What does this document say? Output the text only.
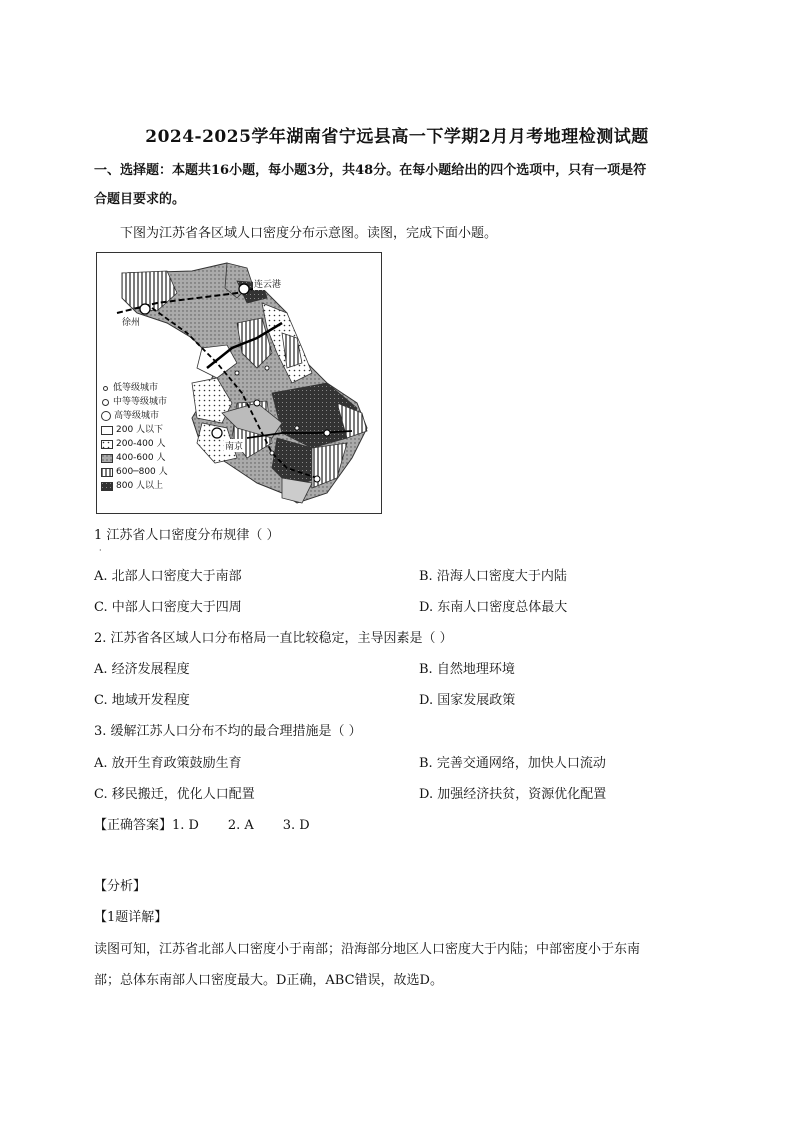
2024-2025学年湖南省宁远县高一下学期2月月考地理检测试题
一、选择题：本题共16小题，每小题3分，共48分。在每小题给出的四个选项中，只有一项是符
合题目要求的。
下图为江苏省各区域人口密度分布示意图。读图，完成下面小题。
连云港
徐州
南京
低等级城市
中等等级城市
高等级城市
200 人以下
200-400 人
400-600 人
600─800 人
800 人以上
1 江苏省人口密度分布规律（ ）
·
A. 北部人口密度大于南部	B. 沿海人口密度大于内陆
C. 中部人口密度大于四周	D. 东南人口密度总体最大
2. 江苏省各区域人口分布格局一直比较稳定，主导因素是（ ）
A. 经济发展程度	B. 自然地理环境
C. 地域开发程度	D. 国家发展政策
3. 缓解江苏人口分布不均的最合理措施是（ ）
A. 放开生育政策鼓励生育	B. 完善交通网络，加快人口流动
C. 移民搬迁，优化人口配置	D. 加强经济扶贫，资源优化配置
【正确答案】1. D       2. A       3. D
【分析】
【1题详解】
读图可知，江苏省北部人口密度小于南部；沿海部分地区人口密度大于内陆；中部密度小于东南
部；总体东南部人口密度最大。D正确，ABC错误，故选D。
